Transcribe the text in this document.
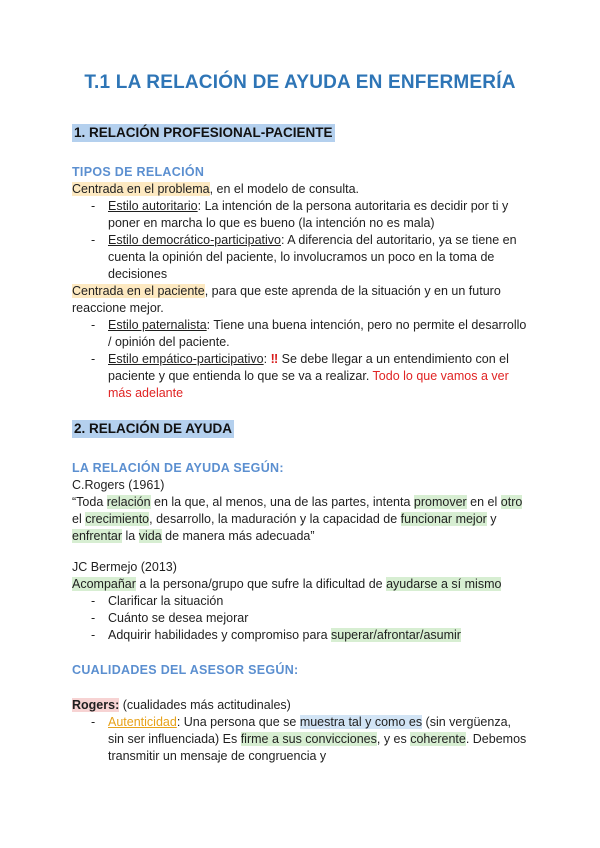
T.1 LA RELACIÓN DE AYUDA EN ENFERMERÍA
1. RELACIÓN PROFESIONAL-PACIENTE
TIPOS DE RELACIÓN

Centrada en el problema, en el modelo de consulta.

- Estilo autoritario: La intención de la persona autoritaria es decidir por ti y poner en marcha lo que es bueno (la intención no es mala)
- Estilo democrático-participativo: A diferencia del autoritario, ya se tiene en cuenta la opinión del paciente, lo involucramos un poco en la toma de decisiones

Centrada en el paciente, para que este aprenda de la situación y en un futuro reaccione mejor.

- Estilo paternalista: Tiene una buena intención, pero no permite el desarrollo / opinión del paciente.
- Estilo empático-participativo: ‼ Se debe llegar a un entendimiento con el paciente y que entienda lo que se va a realizar. Todo lo que vamos a ver más adelante
2. RELACIÓN DE AYUDA
LA RELACIÓN DE AYUDA SEGÚN:

C.Rogers (1961)

“Toda relación en la que, al menos, una de las partes, intenta promover en el otro el crecimiento, desarrollo, la maduración y la capacidad de funcionar mejor y enfrentar la vida de manera más adecuada”

JC Bermejo (2013)

Acompañar a la persona/grupo que sufre la dificultad de ayudarse a sí mismo

- Clarificar la situación
- Cuánto se desea mejorar
- Adquirir habilidades y compromiso para superar/afrontar/asumir
CUALIDADES DEL ASESOR SEGÚN:

Rogers: (cualidades más actitudinales)

- Autenticidad: Una persona que se muestra tal y como es (sin vergüenza, sin ser influenciada) Es firme a sus convicciones, y es coherente. Debemos transmitir un mensaje de congruencia y
